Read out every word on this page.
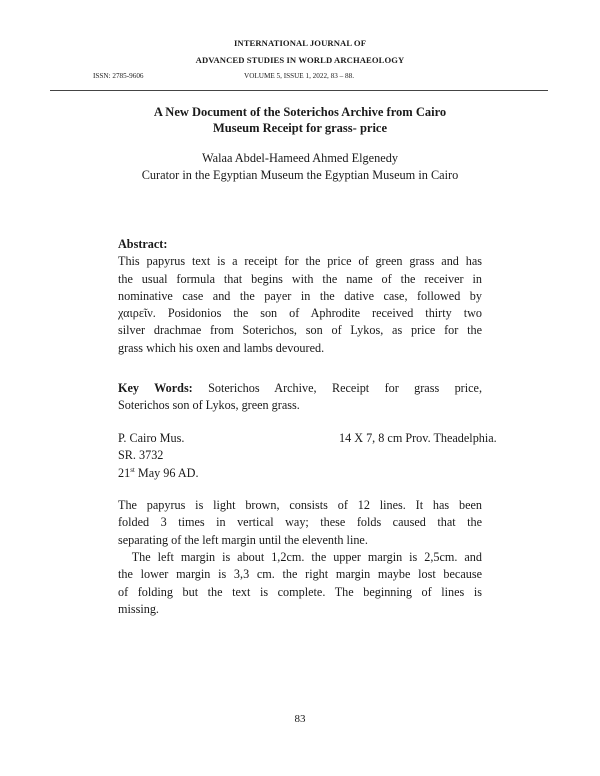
INTERNATIONAL JOURNAL OF
ADVANCED STUDIES IN WORLD ARCHAEOLOGY
ISSN: 2785-9606	VOLUME 5, ISSUE 1, 2022, 83 – 88.
A New Document of the Soterichos Archive from Cairo
Museum Receipt for grass- price
Walaa Abdel-Hameed Ahmed Elgenedy
Curator in the Egyptian Museum the Egyptian Museum in Cairo
Abstract:
This papyrus text is a receipt for the price of green grass and has
the usual formula that begins with the name of the receiver in
nominative case and the payer in the dative case, followed by
χαιρεῖν. Posidonios the son of Aphrodite received thirty two
silver drachmae from Soterichos, son of Lykos, as price for the
grass which his oxen and lambs devoured.
Key Words: Soterichos Archive, Receipt for grass price,
Soterichos son of Lykos, green grass.
P. Cairo Mus.
SR. 3732
21st May 96 AD.
14 X 7, 8 cm Prov. Theadelphia.
The papyrus is light brown, consists of 12 lines. It has been
folded 3 times in vertical way; these folds caused that the
separating of the left margin until the eleventh line.
The left margin is about 1,2cm. the upper margin is 2,5cm. and
the lower margin is 3,3 cm. the right margin maybe lost because
of folding but the text is complete. The beginning of lines is
missing.
83
